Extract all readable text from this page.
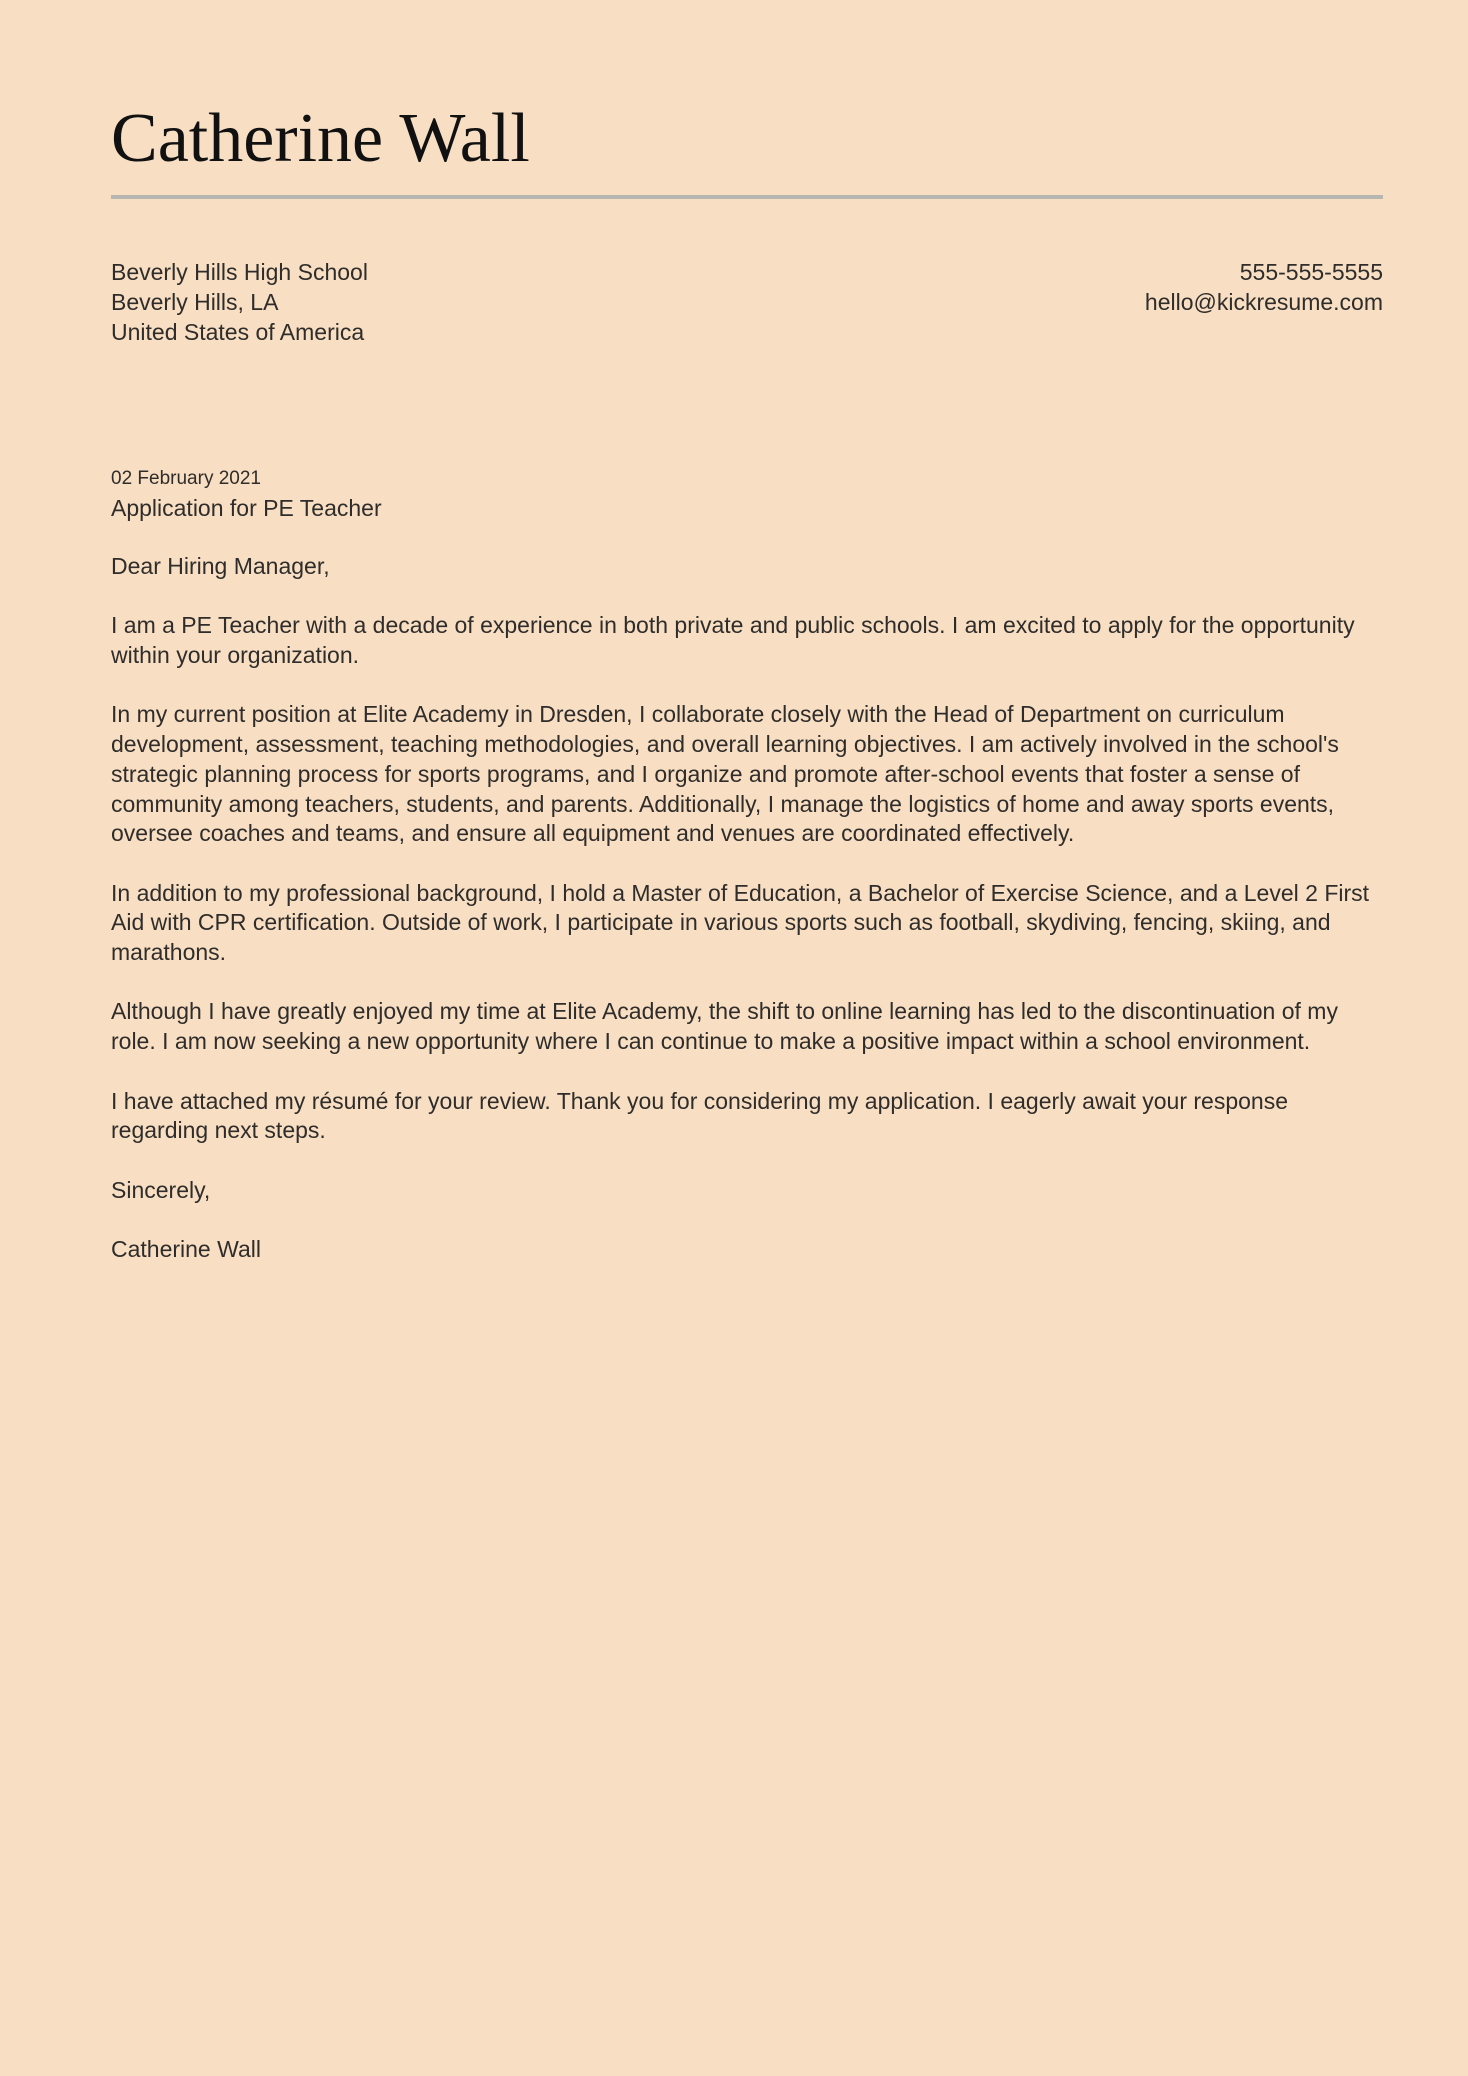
Catherine Wall
Beverly Hills High School
Beverly Hills, LA
United States of America
555-555-5555
hello@kickresume.com
02 February 2021
Application for PE Teacher

Dear Hiring Manager,

I am a PE Teacher with a decade of experience in both private and public schools. I am excited to apply for the opportunity
within your organization.

In my current position at Elite Academy in Dresden, I collaborate closely with the Head of Department on curriculum
development, assessment, teaching methodologies, and overall learning objectives. I am actively involved in the school's
strategic planning process for sports programs, and I organize and promote after-school events that foster a sense of
community among teachers, students, and parents. Additionally, I manage the logistics of home and away sports events,
oversee coaches and teams, and ensure all equipment and venues are coordinated effectively.

In addition to my professional background, I hold a Master of Education, a Bachelor of Exercise Science, and a Level 2 First
Aid with CPR certification. Outside of work, I participate in various sports such as football, skydiving, fencing, skiing, and
marathons.

Although I have greatly enjoyed my time at Elite Academy, the shift to online learning has led to the discontinuation of my
role. I am now seeking a new opportunity where I can continue to make a positive impact within a school environment.

I have attached my résumé for your review. Thank you for considering my application. I eagerly await your response
regarding next steps.

Sincerely,

Catherine Wall
